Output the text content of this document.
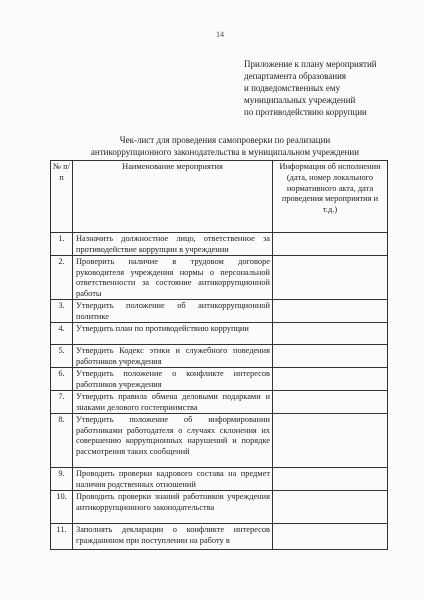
14
Приложение к плану мероприятий
департамента образования
и подведомственных ему
муниципальных учреждений
по противодействию коррупции
Чек-лист для проведения самопроверки по реализации
антикоррупционного законодательства в муниципальном учреждении
№ п/п	Наименование мероприятия	Информация об исполнении (дата, номер локального нормативного акта, дата проведения мероприятия и т.д.)
1.	Назначить должностное лицо, ответственное за противодействие коррупции в учреждении	
2.	Проверить наличие в трудовом договоре руководителя учреждения нормы о персональной ответственности за состояние антикоррупционной работы	
3.	Утвердить положение об антикоррупционной политике	
4.	Утвердить план по противодействию коррупции	
5.	Утвердить Кодекс этики и служебного поведения работников учреждения	
6.	Утвердить положение о конфликте интересов работников учреждения	
7.	Утвердить правила обмена деловыми подарками и знаками делового гостеприимства	
8.	Утвердить положение об информировании работниками работодателя о случаях склонения их совершению коррупционных нарушений и порядке рассмотрения таких сообщений	
9.	Проводить проверки кадрового состава на предмет наличия родственных отношений	
10.	Проводить проверки знаний работников учреждения антикоррупционного законодательства	
11.	Заполнять декларации о конфликте интересов гражданином при поступлении на работу в	
